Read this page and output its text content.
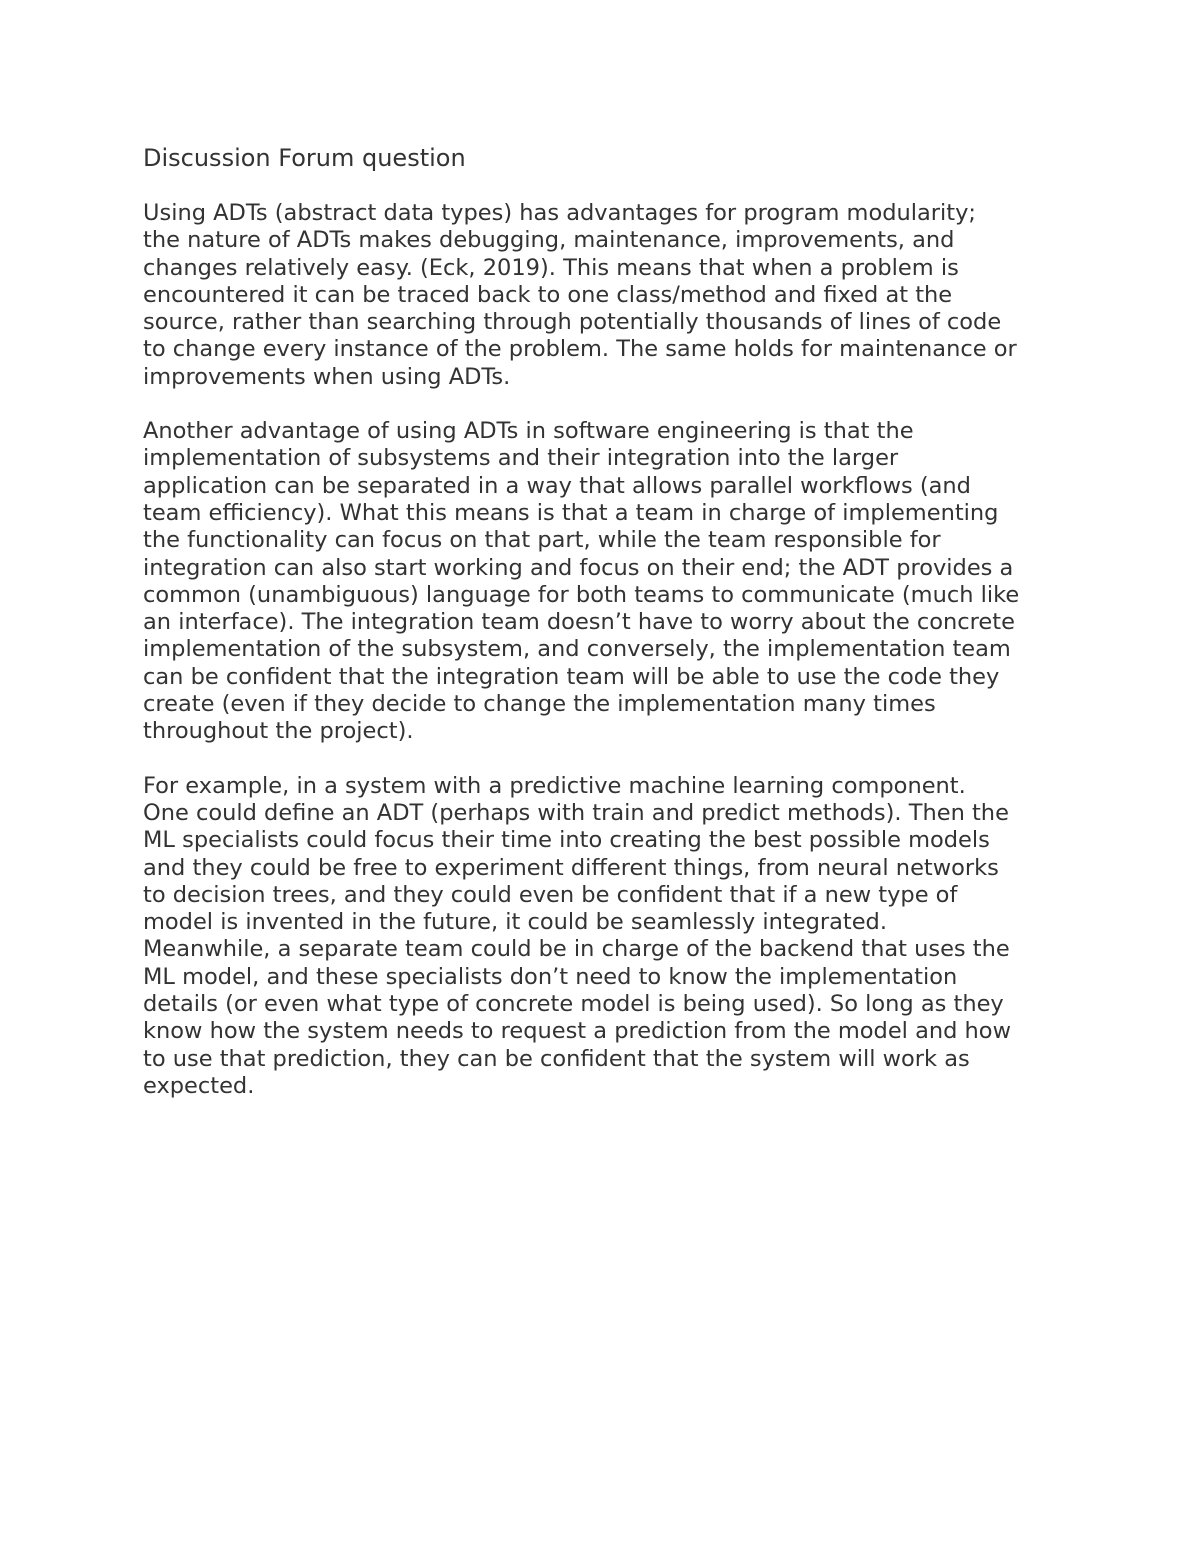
Discussion Forum question
Using ADTs (abstract data types) has advantages for program modularity;
the nature of ADTs makes debugging, maintenance, improvements, and
changes relatively easy. (Eck, 2019). This means that when a problem is
encountered it can be traced back to one class/method and fixed at the
source, rather than searching through potentially thousands of lines of code
to change every instance of the problem. The same holds for maintenance or
improvements when using ADTs.
Another advantage of using ADTs in software engineering is that the
implementation of subsystems and their integration into the larger
application can be separated in a way that allows parallel workflows (and
team efficiency). What this means is that a team in charge of implementing
the functionality can focus on that part, while the team responsible for
integration can also start working and focus on their end; the ADT provides a
common (unambiguous) language for both teams to communicate (much like
an interface). The integration team doesn’t have to worry about the concrete
implementation of the subsystem, and conversely, the implementation team
can be confident that the integration team will be able to use the code they
create (even if they decide to change the implementation many times
throughout the project).
For example, in a system with a predictive machine learning component.
One could define an ADT (perhaps with train and predict methods). Then the
ML specialists could focus their time into creating the best possible models
and they could be free to experiment different things, from neural networks
to decision trees, and they could even be confident that if a new type of
model is invented in the future, it could be seamlessly integrated.
Meanwhile, a separate team could be in charge of the backend that uses the
ML model, and these specialists don’t need to know the implementation
details (or even what type of concrete model is being used). So long as they
know how the system needs to request a prediction from the model and how
to use that prediction, they can be confident that the system will work as
expected.
